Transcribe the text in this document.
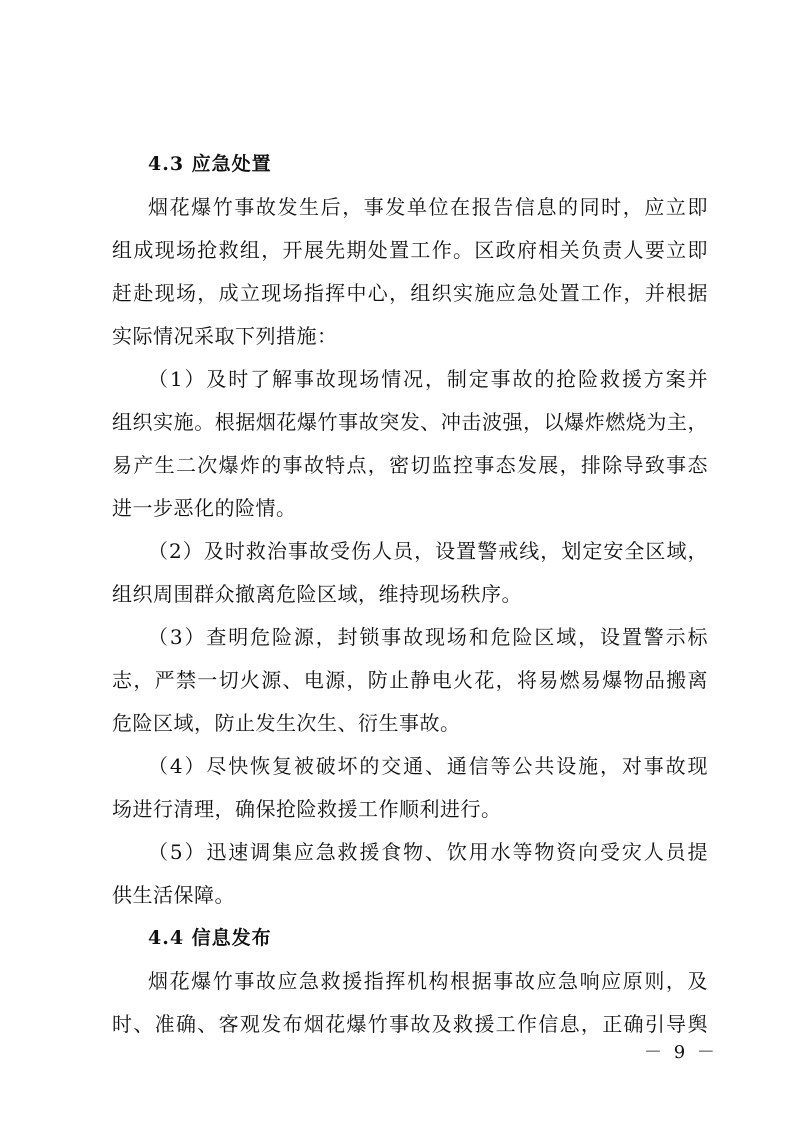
4.3 应急处置
烟花爆竹事故发生后，事发单位在报告信息的同时，应立即
组成现场抢救组，开展先期处置工作。区政府相关负责人要立即
赶赴现场，成立现场指挥中心，组织实施应急处置工作，并根据
实际情况采取下列措施：
（1）及时了解事故现场情况，制定事故的抢险救援方案并
组织实施。根据烟花爆竹事故突发、冲击波强，以爆炸燃烧为主，
易产生二次爆炸的事故特点，密切监控事态发展，排除导致事态
进一步恶化的险情。
（2）及时救治事故受伤人员，设置警戒线，划定安全区域，
组织周围群众撤离危险区域，维持现场秩序。
（3）查明危险源，封锁事故现场和危险区域，设置警示标
志，严禁一切火源、电源，防止静电火花，将易燃易爆物品搬离
危险区域，防止发生次生、衍生事故。
（4）尽快恢复被破坏的交通、通信等公共设施，对事故现
场进行清理，确保抢险救援工作顺利进行。
（5）迅速调集应急救援食物、饮用水等物资向受灾人员提
供生活保障。
4.4 信息发布
烟花爆竹事故应急救援指挥机构根据事故应急响应原则，及
时、准确、客观发布烟花爆竹事故及救援工作信息，正确引导舆
－ 9 －
